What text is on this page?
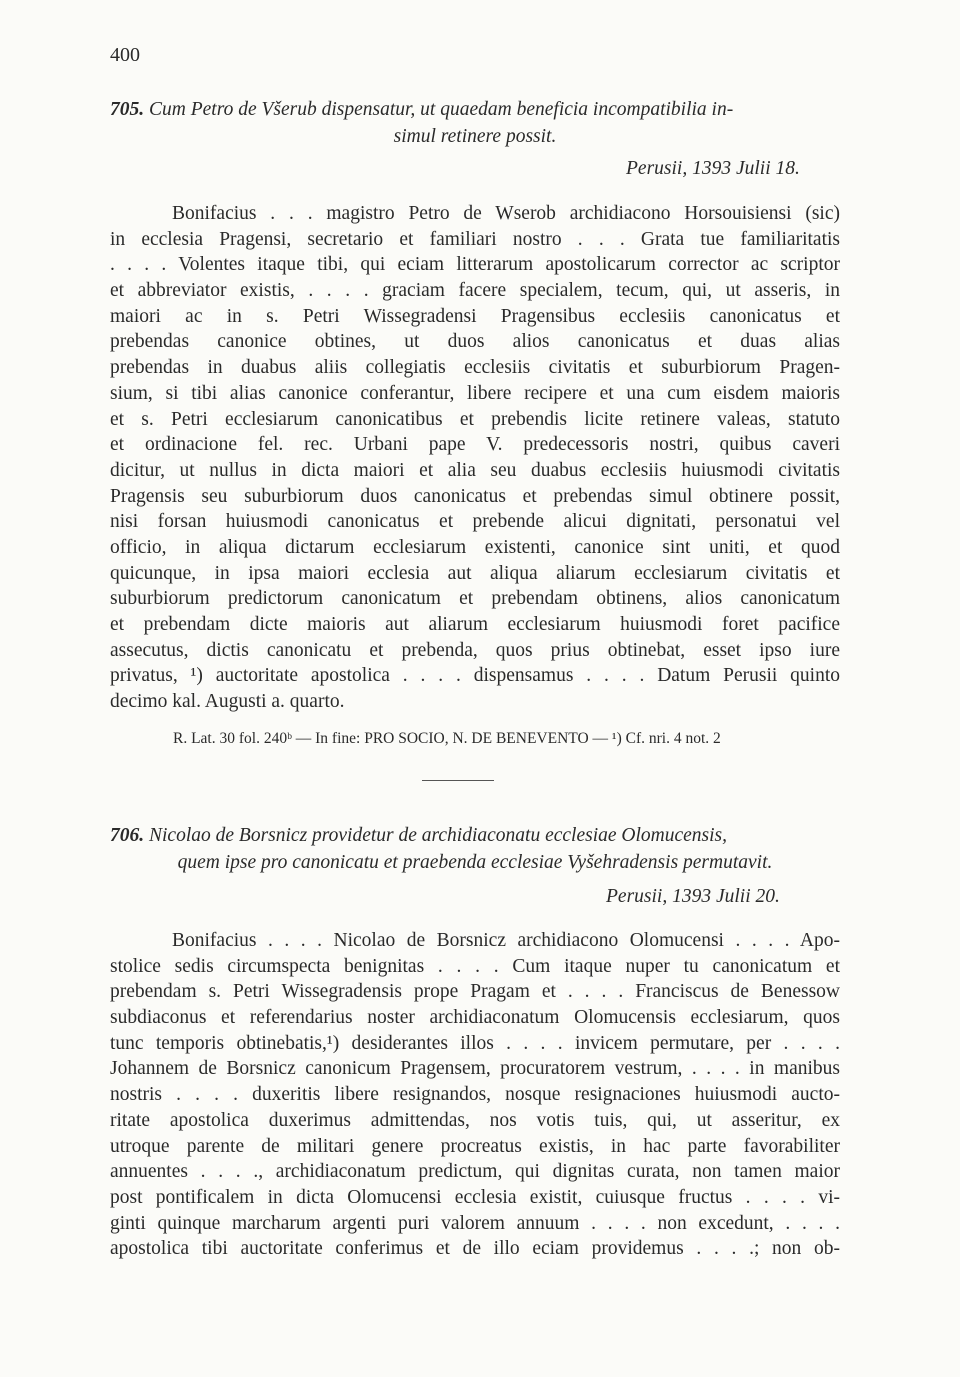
400
705. Cum Petro de Všerub dispensatur, ut quaedam beneficia incompatibilia in-
simul retinere possit.
Perusii, 1393 Julii 18.
Bonifacius . . . magistro Petro de Wserob archidiacono Horsouisiensi (sic)
in ecclesia Pragensi, secretario et familiari nostro . . . Grata tue familiaritatis
. . . . Volentes itaque tibi, qui eciam litterarum apostolicarum corrector ac scriptor
et abbreviator existis, . . . . graciam facere specialem, tecum, qui, ut asseris, in
maiori ac in s. Petri Wissegradensi Pragensibus ecclesiis canonicatus et
prebendas canonice obtines, ut duos alios canonicatus et duas alias
prebendas in duabus aliis collegiatis ecclesiis civitatis et suburbiorum Pragen-
sium, si tibi alias canonice conferantur, libere recipere et una cum eisdem maioris
et s. Petri ecclesiarum canonicatibus et prebendis licite retinere valeas, statuto
et ordinacione fel. rec. Urbani pape V. predecessoris nostri, quibus caveri
dicitur, ut nullus in dicta maiori et alia seu duabus ecclesiis huiusmodi civitatis
Pragensis seu suburbiorum duos canonicatus et prebendas simul obtinere possit,
nisi forsan huiusmodi canonicatus et prebende alicui dignitati, personatui vel
officio, in aliqua dictarum ecclesiarum existenti, canonice sint uniti, et quod
quicunque, in ipsa maiori ecclesia aut aliqua aliarum ecclesiarum civitatis et
suburbiorum predictorum canonicatum et prebendam obtinens, alios canonicatum
et prebendam dicte maioris aut aliarum ecclesiarum huiusmodi foret pacifice
assecutus, dictis canonicatu et prebenda, quos prius obtinebat, esset ipso iure
privatus, ¹) auctoritate apostolica . . . . dispensamus . . . . Datum Perusii quinto
decimo kal. Augusti a. quarto.
R. Lat. 30 fol. 240ᵇ — In fine: PRO SOCIO, N. DE BENEVENTO — ¹) Cf. nri. 4 not. 2
706. Nicolao de Borsnicz providetur de archidiaconatu ecclesiae Olomucensis,
quem ipse pro canonicatu et praebenda ecclesiae Vyšehradensis permutavit.
Perusii, 1393 Julii 20.
Bonifacius . . . . Nicolao de Borsnicz archidiacono Olomucensi . . . . Apo-
stolice sedis circumspecta benignitas . . . . Cum itaque nuper tu canonicatum et
prebendam s. Petri Wissegradensis prope Pragam et . . . . Franciscus de Benessow
subdiaconus et referendarius noster archidiaconatum Olomucensis ecclesiarum, quos
tunc temporis obtinebatis,¹) desiderantes illos . . . . invicem permutare, per . . . .
Johannem de Borsnicz canonicum Pragensem, procuratorem vestrum, . . . . in manibus
nostris . . . . duxeritis libere resignandos, nosque resignaciones huiusmodi aucto-
ritate apostolica duxerimus admittendas, nos votis tuis, qui, ut asseritur, ex
utroque parente de militari genere procreatus existis, in hac parte favorabiliter
annuentes . . . ., archidiaconatum predictum, qui dignitas curata, non tamen maior
post pontificalem in dicta Olomucensi ecclesia existit, cuiusque fructus . . . . vi-
ginti quinque marcharum argenti puri valorem annuum . . . . non excedunt, . . . .
apostolica tibi auctoritate conferimus et de illo eciam providemus . . . .; non ob-
